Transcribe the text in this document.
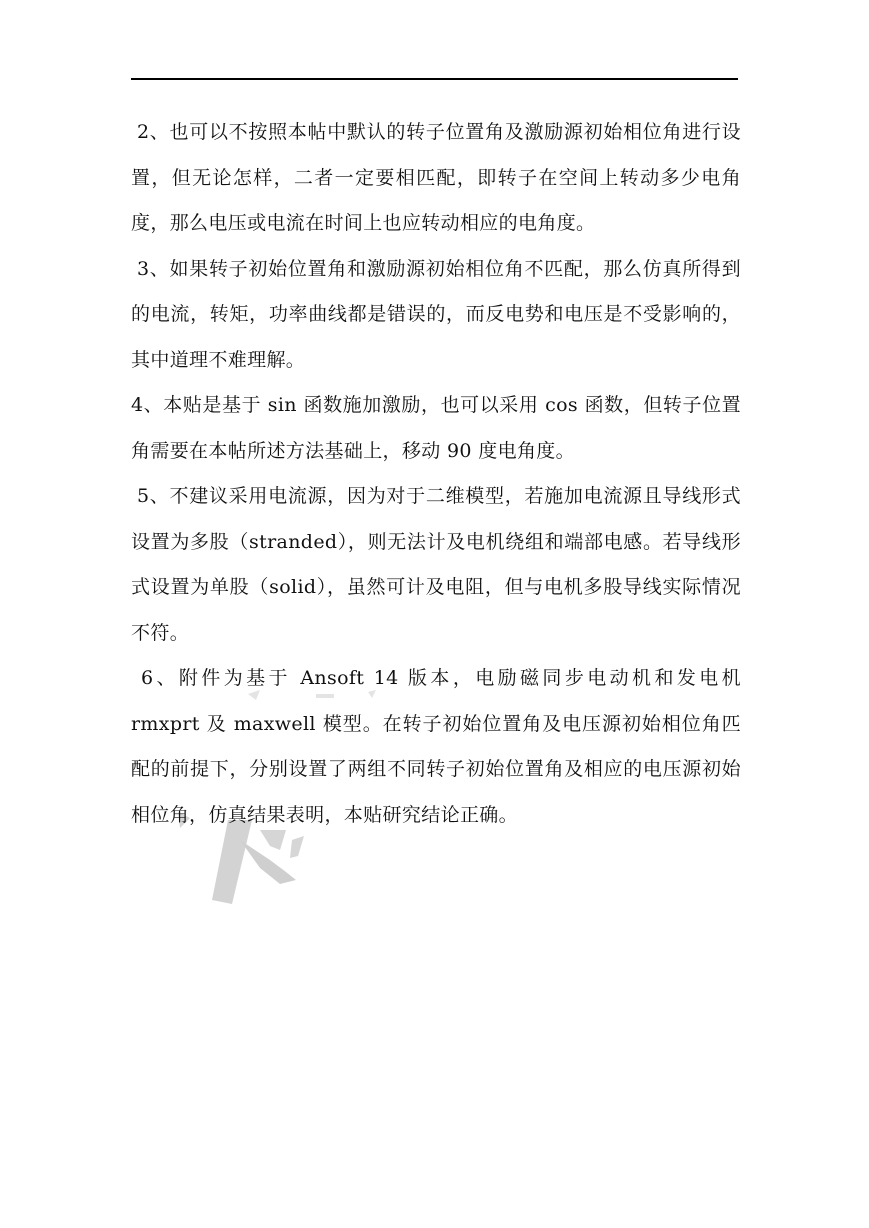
2、也可以不按照本帖中默认的转子位置角及激励源初始相位角进行设置，但无论怎样，二者一定要相匹配，即转子在空间上转动多少电角度，那么电压或电流在时间上也应转动相应的电角度。

3、如果转子初始位置角和激励源初始相位角不匹配，那么仿真所得到的电流，转矩，功率曲线都是错误的，而反电势和电压是不受影响的，其中道理不难理解。

4、本贴是基于 sin 函数施加激励，也可以采用 cos 函数，但转子位置角需要在本帖所述方法基础上，移动 90 度电角度。

5、不建议采用电流源，因为对于二维模型，若施加电流源且导线形式设置为多股（stranded），则无法计及电机绕组和端部电感。若导线形式设置为单股（solid），虽然可计及电阻，但与电机多股导线实际情况不符。

6、附件为基于 Ansoft 14 版本，电励磁同步电动机和发电机 rmxprt 及 maxwell 模型。在转子初始位置角及电压源初始相位角匹配的前提下，分别设置了两组不同转子初始位置角及相应的电压源初始相位角，仿真结果表明，本贴研究结论正确。
